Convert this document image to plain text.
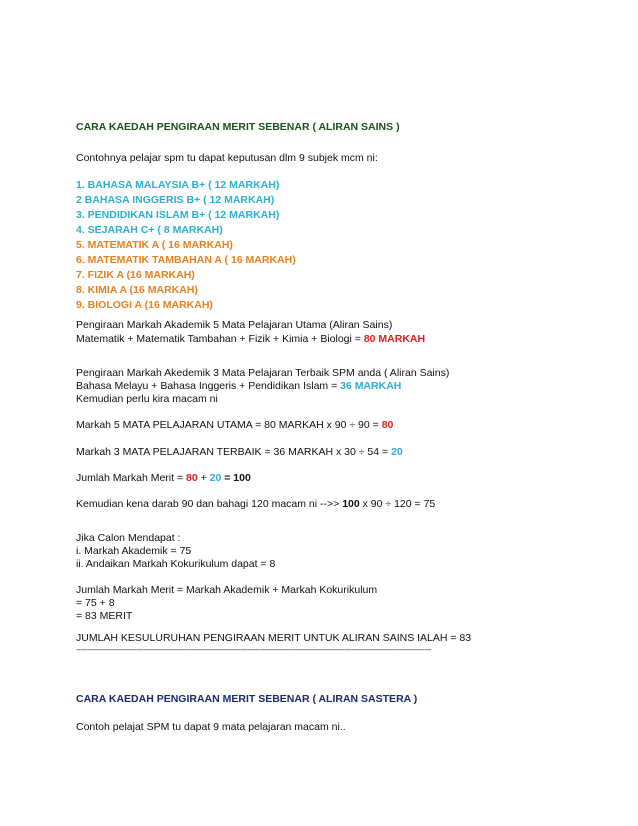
CARA KAEDAH PENGIRAAN MERIT SEBENAR ( ALIRAN SAINS )
Contohnya pelajar spm tu dapat keputusan dlm 9 subjek mcm ni:
1. BAHASA MALAYSIA B+ ( 12 MARKAH)
2 BAHASA INGGERIS B+ ( 12 MARKAH)
3. PENDIDIKAN ISLAM B+ ( 12 MARKAH)
4. SEJARAH C+ ( 8 MARKAH)
5. MATEMATIK A ( 16 MARKAH)
6. MATEMATIK TAMBAHAN A ( 16 MARKAH)
7. FIZIK A (16 MARKAH)
8. KIMIA A (16 MARKAH)
9. BIOLOGI A (16 MARKAH)
Pengiraan Markah Akademik 5 Mata Pelajaran Utama (Aliran Sains)
Matematik + Matematik Tambahan + Fizik + Kimia + Biologi = 80 MARKAH
Pengiraan Markah Akedemik 3 Mata Pelajaran Terbaik SPM anda ( Aliran Sains)
Bahasa Melayu + Bahasa Inggeris + Pendidikan Islam = 36 MARKAH
Kemudian perlu kira macam ni
Markah 5 MATA PELAJARAN UTAMA = 80 MARKAH x 90 ÷ 90 = 80
Markah 3 MATA PELAJARAN TERBAIK = 36 MARKAH x 30 ÷ 54 = 20
Jumlah Markah Merit = 80 + 20 = 100
Kemudian kena darab 90 dan bahagi 120 macam ni -->> 100 x 90 ÷ 120 = 75
Jika Calon Mendapat :
i. Markah Akademik = 75
ii. Andaikan Markah Kokurikulum dapat = 8
Jumlah Markah Merit = Markah Akademik + Markah Kokurikulum
= 75 + 8
= 83 MERIT
JUMLAH KESULURUHAN PENGIRAAN MERIT UNTUK ALIRAN SAINS IALAH = 83
--------------------------------------------------------------------------------------------------------------------------------------------------------------------
CARA KAEDAH PENGIRAAN MERIT SEBENAR ( ALIRAN SASTERA )
Contoh pelajat SPM tu dapat 9 mata pelajaran macam ni..
